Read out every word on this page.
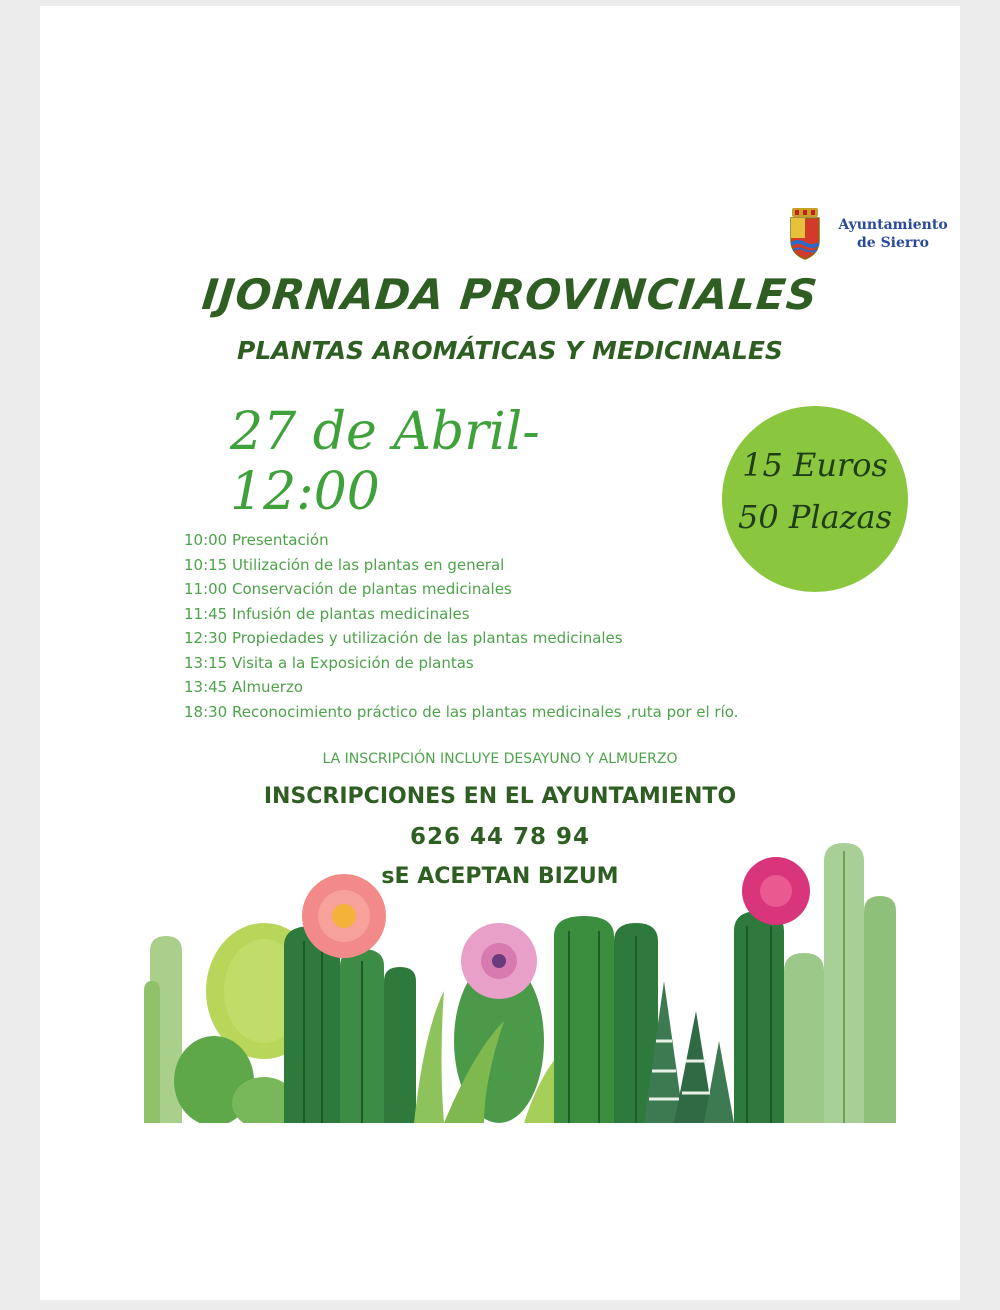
Ayuntamiento
de Sierro
IJORNADA PROVINCIALES
PLANTAS AROMÁTICAS Y MEDICINALES
27 de Abril-12:00	15 Euros
50 Plazas
10:00 Presentación
10:15 Utilización de las plantas en general
11:00 Conservación de plantas medicinales
11:45 Infusión de plantas medicinales
12:30 Propiedades y utilización de las plantas medicinales
13:15 Visita a la Exposición de plantas
13:45 Almuerzo
18:30 Reconocimiento práctico de las plantas medicinales ,ruta por el río.
LA INSCRIPCIÓN INCLUYE DESAYUNO Y ALMUERZO
INSCRIPCIONES EN EL AYUNTAMIENTO
626 44 78 94
sE ACEPTAN BIZUM
